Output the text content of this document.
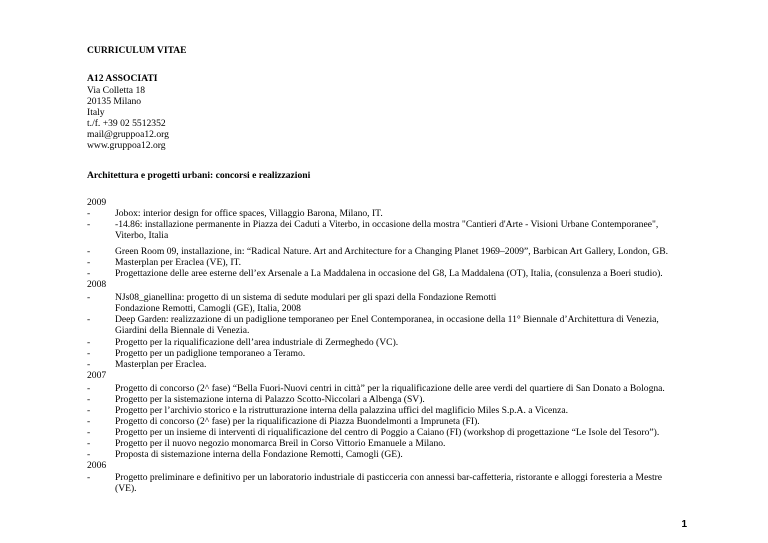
CURRICULUM VITAE
A12 ASSOCIATI
Via Colletta 18
20135 Milano
Italy
t./f. +39 02 5512352
mail@gruppoa12.org
www.gruppoa12.org
Architettura e progetti urbani: concorsi e realizzazioni
2009
-	Jobox: interior design for office spaces, Villaggio Barona, Milano, IT.
-	-14.86: installazione permanente in Piazza dei Caduti a Viterbo, in occasione della mostra "Cantieri d'Arte - Visioni Urbane Contemporanee",
Viterbo, Italia
-	Green Room 09, installazione, in: “Radical Nature. Art and Architecture for a Changing Planet 1969–2009”, Barbican Art Gallery, London, GB.
-	Masterplan per Eraclea (VE), IT.
-	Progettazione delle aree esterne dell’ex Arsenale a La Maddalena in occasione del G8, La Maddalena (OT), Italia, (consulenza a Boeri studio).
2008
-	NJs08_gianellina: progetto di un sistema di sedute modulari per gli spazi della Fondazione Remotti
Fondazione Remotti, Camogli (GE), Italia, 2008
-	Deep Garden: realizzazione di un padiglione temporaneo per Enel Contemporanea, in occasione della 11° Biennale d’Architettura di Venezia,
Giardini della Biennale di Venezia.
-	Progetto per la riqualificazione dell’area industriale di Zermeghedo (VC).
-	Progetto per un padiglione temporaneo a Teramo.
-	Masterplan per Eraclea.
2007
-	Progetto di concorso (2^ fase) “Bella Fuori-Nuovi centri in città” per la riqualificazione delle aree verdi del quartiere di San Donato a Bologna.
-	Progetto per la sistemazione interna di Palazzo Scotto-Niccolari a Albenga (SV).
-	Progetto per l’archivio storico e la ristrutturazione interna della palazzina uffici del maglificio Miles S.p.A. a Vicenza.
-	Progetto di concorso (2^ fase) per la riqualificazione di Piazza Buondelmonti a Impruneta (FI).
-	Progetto per un insieme di interventi di riqualificazione del centro di Poggio a Caiano (FI) (workshop di progettazione “Le Isole del Tesoro”).
-	Progetto per il nuovo negozio monomarca Breil in Corso Vittorio Emanuele a Milano.
-	Proposta di sistemazione interna della Fondazione Remotti, Camogli (GE).
2006
-	Progetto preliminare e definitivo per un laboratorio industriale di pasticceria con annessi bar-caffetteria, ristorante e alloggi foresteria a Mestre
(VE).
1
